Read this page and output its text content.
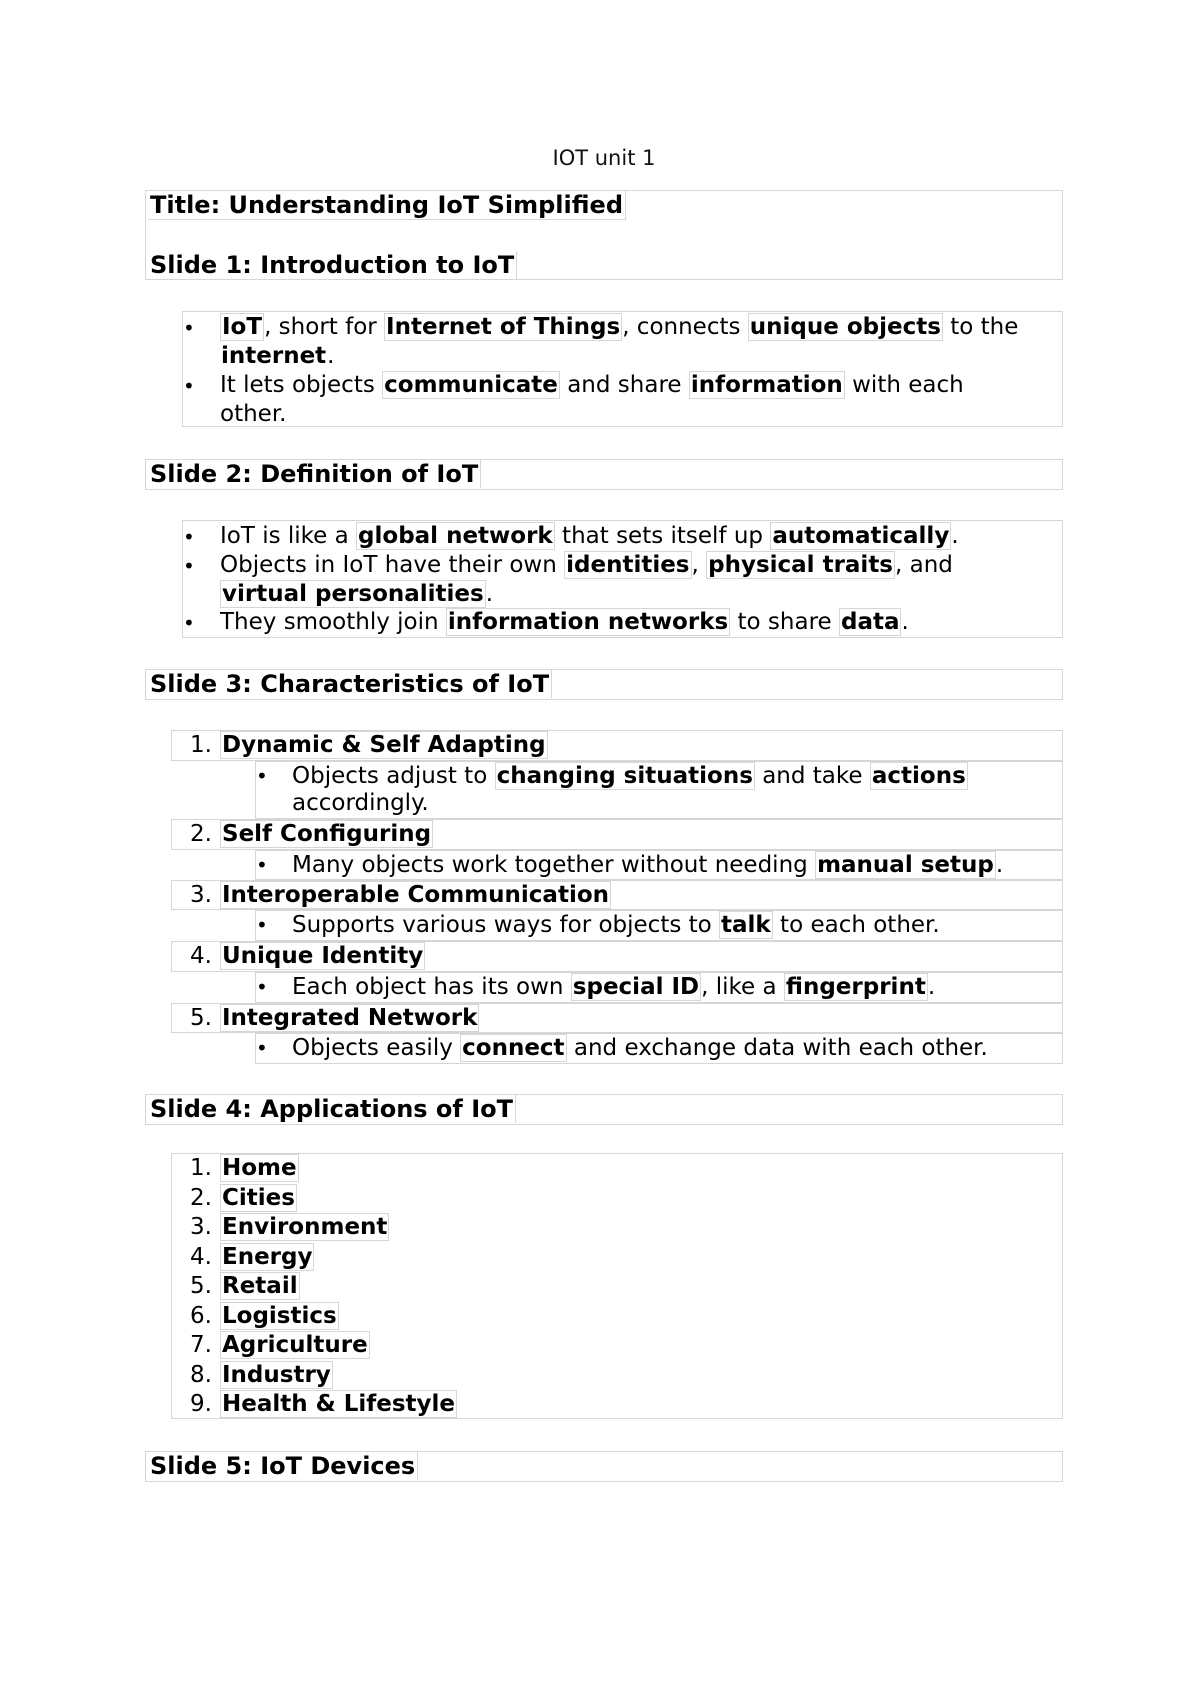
IOT unit 1
Title: Understanding IoT Simplified
Slide 1: Introduction to IoT
• IoT, short for Internet of Things, connects unique objects to the
internet.
• It lets objects communicate and share information with each
other.
Slide 2: Definition of IoT
• IoT is like a global network that sets itself up automatically.
• Objects in IoT have their own identities, physical traits, and
virtual personalities.
• They smoothly join information networks to share data.
Slide 3: Characteristics of IoT
1. Dynamic & Self Adapting
• Objects adjust to changing situations and take actions
accordingly.
2. Self Configuring
• Many objects work together without needing manual setup.
3. Interoperable Communication
• Supports various ways for objects to talk to each other.
4. Unique Identity
• Each object has its own special ID, like a fingerprint.
5. Integrated Network
• Objects easily connect and exchange data with each other.
Slide 4: Applications of IoT
1. Home
2. Cities
3. Environment
4. Energy
5. Retail
6. Logistics
7. Agriculture
8. Industry
9. Health & Lifestyle
Slide 5: IoT Devices
